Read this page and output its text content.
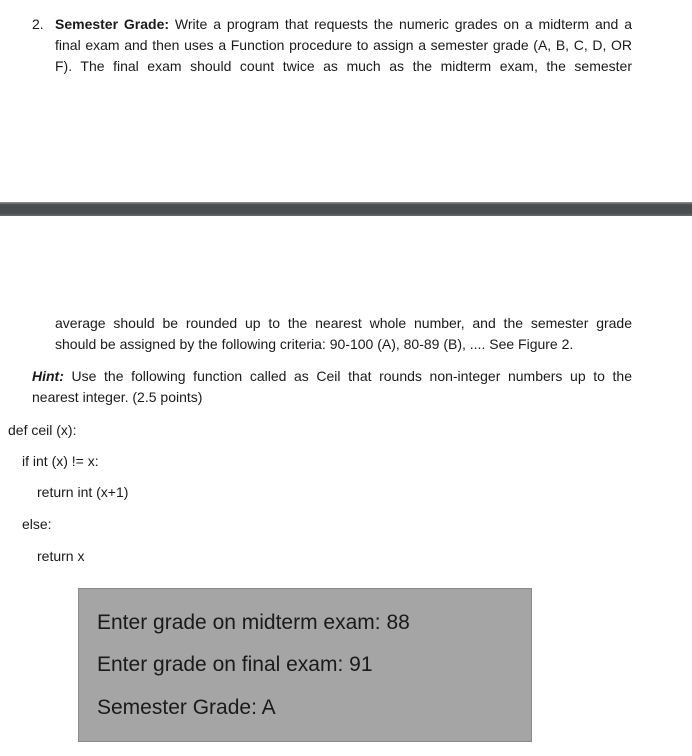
2. Semester Grade: Write a program that requests the numeric grades on a midterm and a
final exam and then uses a Function procedure to assign a semester grade (A, B, C, D, OR
F). The final exam should count twice as much as the midterm exam, the semester
average should be rounded up to the nearest whole number, and the semester grade
should be assigned by the following criteria: 90-100 (A), 80-89 (B), .... See Figure 2.
Hint: Use the following function called as Ceil that rounds non-integer numbers up to the
nearest integer. (2.5 points)
def ceil (x):
if int (x) != x:
return int (x+1)
else:
return x
Enter grade on midterm exam: 88
Enter grade on final exam: 91
Semester Grade: A
